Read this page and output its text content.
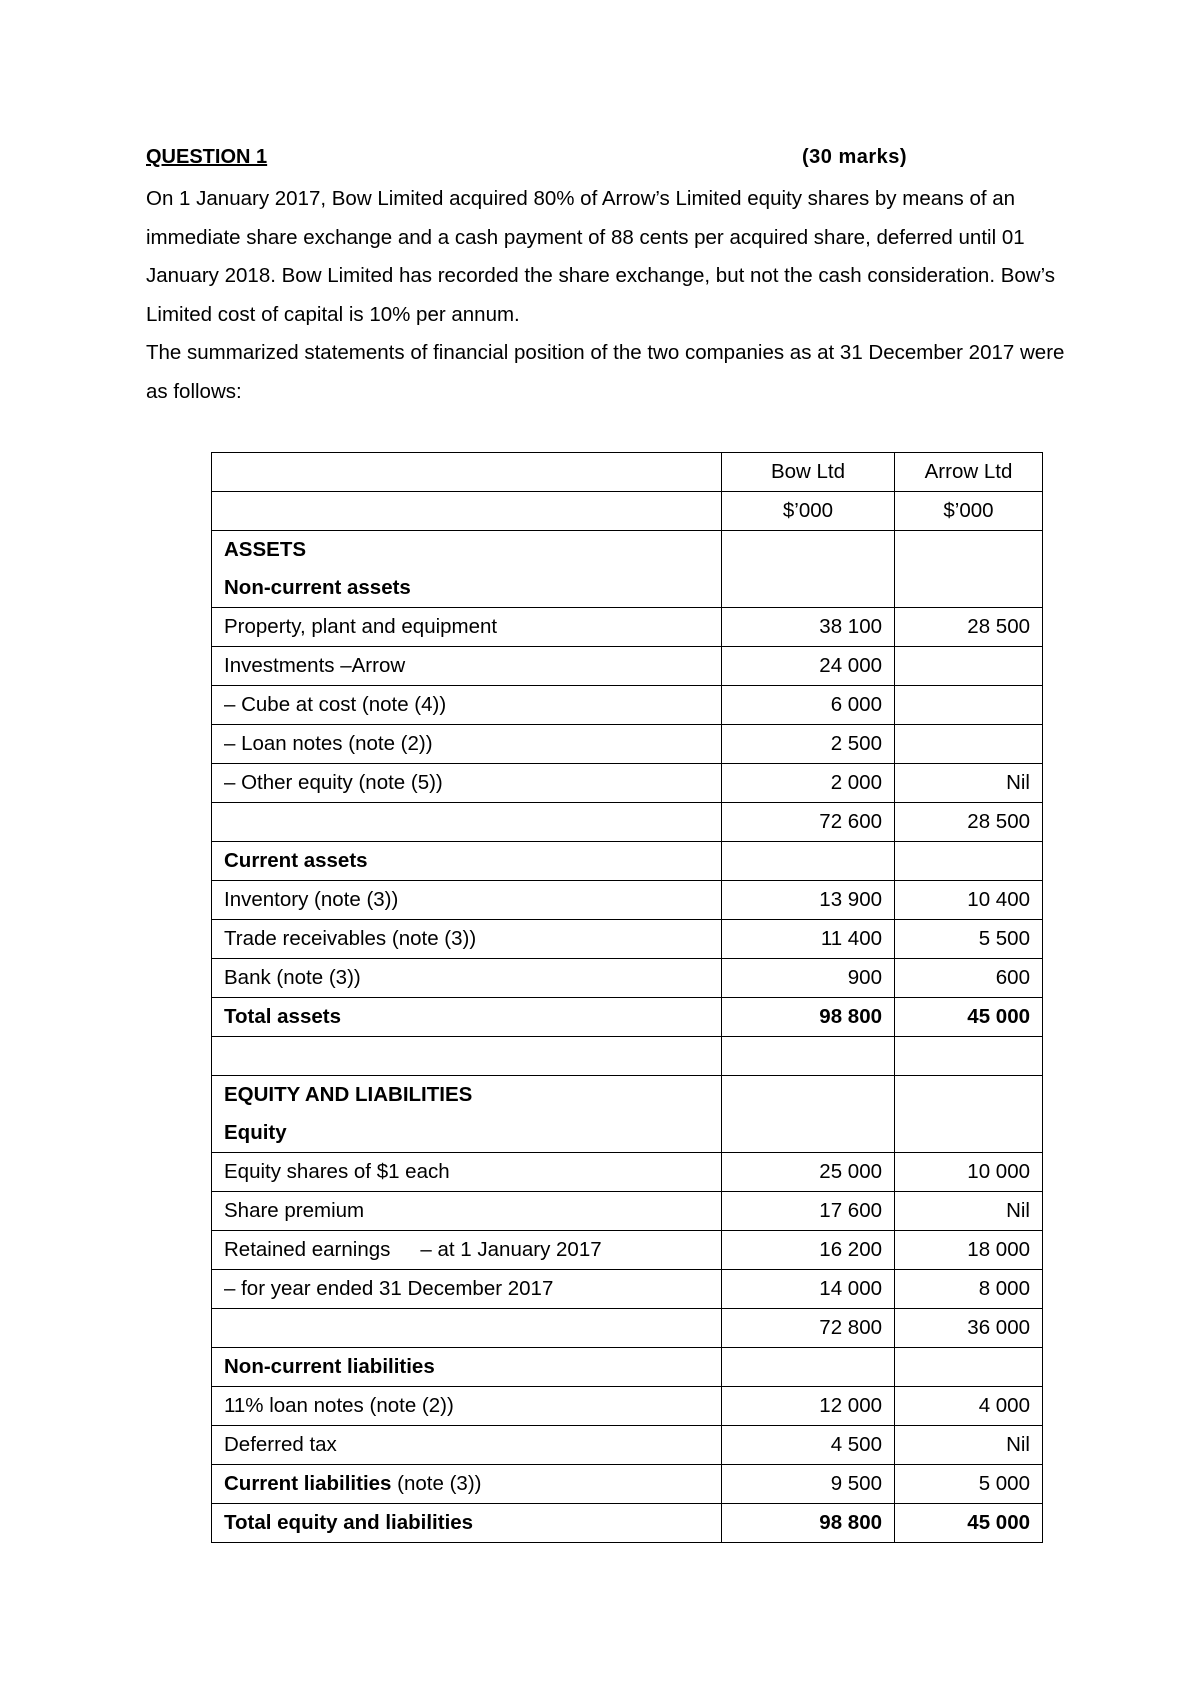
QUESTION 1	(30 marks)

On 1 January 2017, Bow Limited acquired 80% of Arrow’s Limited equity shares by means of an immediate share exchange and a cash payment of 88 cents per acquired share, deferred until 01 January 2018. Bow Limited has recorded the share exchange, but not the cash consideration. Bow’s Limited cost of capital is 10% per annum.

The summarized statements of financial position of the two companies as at 31 December 2017 were as follows:

	Bow Ltd	Arrow Ltd
	$’000	$’000

ASSETS
Non-current assets		

Property, plant and equipment	38 100	28 500
Investments –Arrow	24 000	
– Cube at cost (note (4))	6 000	
– Loan notes (note (2))	2 500	
– Other equity (note (5))	2 000	Nil
	72 600	28 500
Current assets		
Inventory (note (3))	13 900	10 400
Trade receivables (note (3))	11 400	5 500
Bank (note (3))	900	600
Total assets	98 800	45 000

EQUITY AND LIABILITIES
Equity		

Equity shares of $1 each	25 000	10 000
Share premium	17 600	Nil
Retained earnings – at 1 January 2017	16 200	18 000
– for year ended 31 December 2017	14 000	8 000
	72 800	36 000
Non-current liabilities		
11% loan notes (note (2))	12 000	4 000
Deferred tax	4 500	Nil
Current liabilities (note (3))	9 500	5 000
Total equity and liabilities	98 800	45 000
